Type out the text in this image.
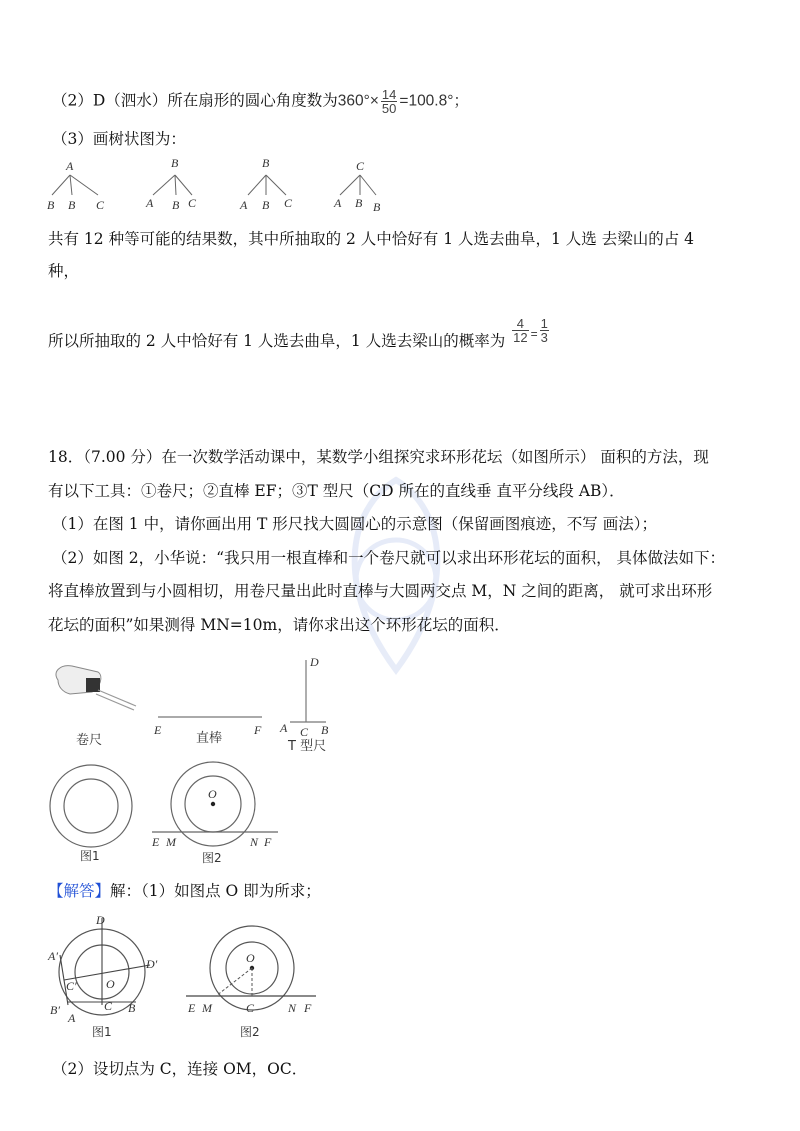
（2）D（泗水）所在扇形的圆心角度数为$360^\circ\times \frac{14}{50} =100.8^\circ$；
（3）画树状图为：
A
B B C
B
A B C
B
A B C
C
A B B
共有 12 种等可能的结果数，其中所抽取的 2 人中恰好有 1 人选去曲阜，1 人选 去梁山的占 4
种，
所以所抽取的 2 人中恰好有 1 人选去曲阜，1 人选去梁山的概率为 $\frac{4}{12} ^= \frac{1}{3}$
18．（7.00 分）在一次数学活动课中，某数学小组探究求环形花坛（如图所示） 面积的方法，现
有以下工具：①卷尺；②直棒 EF；③T 型尺（CD 所在的直线垂 直平分线段 AB）．
（1）在图 1 中，请你画出用 T 形尺找大圆圆心的示意图（保留画图痕迹，不写 画法）；
（2）如图 2，小华说：“我只用一根直棒和一个卷尺就可以求出环形花坛的面积， 具体做法如下：
将直棒放置到与小圆相切，用卷尺量出此时直棒与大圆两交点 M，N 之间的距离， 就可求出环形
花坛的面积”如果测得 MN=10m，请你求出这个环形花坛的面积．
卷尺
E	F
直棒
D
A C B
T 型尺
图1
O
E M	N F
图2
【解答】解：（1）如图点 O 即为所求；
D
A′
D′
C′ O
C B
B′
A
图1
O
E M	C	N F
图2
（2）设切点为 C，连接 OM，OC．
